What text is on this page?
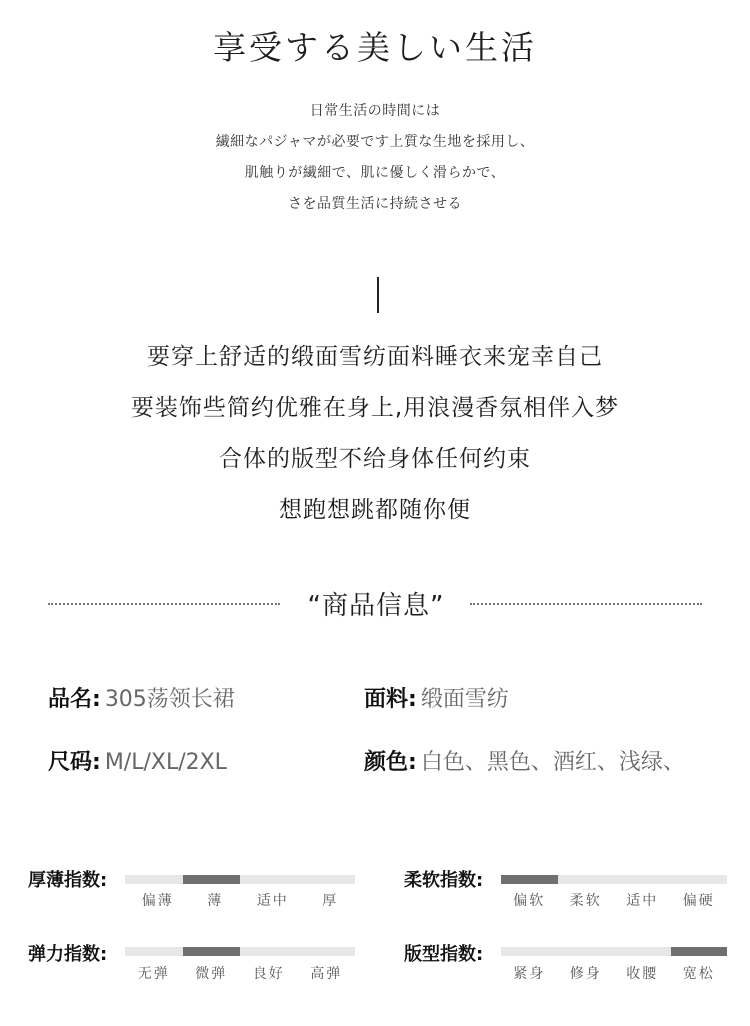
享受する美しい生活
日常生活の時間には
繊細なパジャマが必要です上質な生地を採用し、
肌触りが繊細で、肌に優しく滑らかで、
さを品質生活に持続させる
要穿上舒适的缎面雪纺面料睡衣来宠幸自己
要装饰些简约优雅在身上,用浪漫香氛相伴入梦
合体的版型不给身体任何约束
想跑想跳都随你便
“商品信息”
品名: 305荡领长裙	面料: 缎面雪纺
尺码: M/L/XL/2XL	颜色: 白色、黑色、酒红、浅绿、
厚薄指数:
偏薄 薄 适中 厚
柔软指数:
偏软 柔软 适中 偏硬
弹力指数:
无弹 微弹 良好 高弹
版型指数:
紧身 修身 收腰 宽松
